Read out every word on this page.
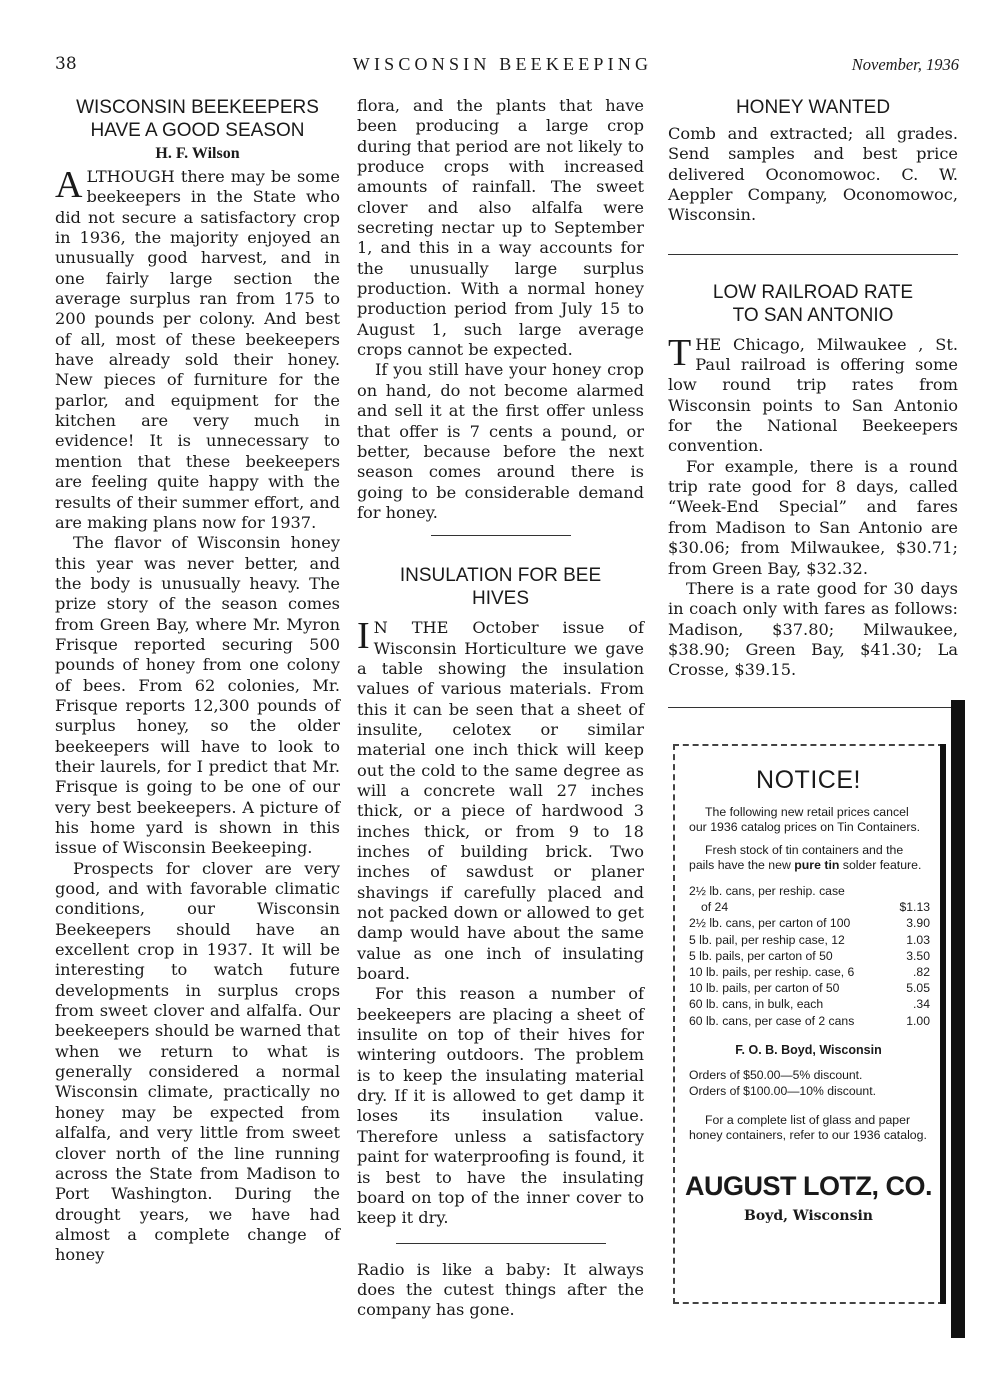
38	WISCONSIN BEEKEEPING	November, 1936
WISCONSIN BEEKEEPERS
HAVE A GOOD SEASON
H. F. Wilson

ALTHOUGH there may be some beekeepers in the State who did not secure a satisfactory crop in 1936, the majority enjoyed an unusually good harvest, and in one fairly large section the average surplus ran from 175 to 200 pounds per colony. And best of all, most of these beekeepers have already sold their honey. New pieces of furniture for the parlor, and equipment for the kitchen are very much in evidence! It is unnecessary to mention that these beekeepers are feeling quite happy with the results of their summer effort, and are making plans now for 1937.

The flavor of Wisconsin honey this year was never better, and the body is unusually heavy. The prize story of the season comes from Green Bay, where Mr. Myron Frisque reported securing 500 pounds of honey from one colony of bees. From 62 colonies, Mr. Frisque reports 12,300 pounds of surplus honey, so the older beekeepers will have to look to their laurels, for I predict that Mr. Frisque is going to be one of our very best beekeepers. A picture of his home yard is shown in this issue of Wisconsin Beekeeping.

Prospects for clover are very good, and with favorable climatic conditions, our Wisconsin Beekeepers should have an excellent crop in 1937. It will be interesting to watch future developments in surplus crops from sweet clover and alfalfa. Our beekeepers should be warned that when we return to what is generally considered a normal Wisconsin climate, practically no honey may be expected from alfalfa, and very little from sweet clover north of the line running across the State from Madison to Port Washington. During the drought years, we have had almost a complete change of honey

flora, and the plants that have been producing a large crop during that period are not likely to produce crops with increased amounts of rainfall. The sweet clover and also alfalfa were secreting nectar up to September 1, and this in a way accounts for the unusually large surplus production. With a normal honey production period from July 15 to August 1, such large average crops cannot be expected.

If you still have your honey crop on hand, do not become alarmed and sell it at the first offer unless that offer is 7 cents a pound, or better, because before the next season comes around there is going to be considerable demand for honey.

INSULATION FOR BEE
HIVES

I N THE October issue of Wisconsin Horticulture we gave a table showing the insulation values of various materials. From this it can be seen that a sheet of insulite, celotex or similar material one inch thick will keep out the cold to the same degree as will a concrete wall 27 inches thick, or a piece of hardwood 3 inches thick, or from 9 to 18 inches of building brick. Two inches of sawdust or planer shavings if carefully placed and not packed down or allowed to get damp would have about the same value as one inch of insulating board.

For this reason a number of beekeepers are placing a sheet of insulite on top of their hives for wintering outdoors. The problem is to keep the insulating material dry. If it is allowed to get damp it loses its insulation value. Therefore unless a satisfactory paint for waterproofing is found, it is best to have the insulating board on top of the inner cover to keep it dry.

Radio is like a baby: It always does the cutest things after the company has gone.

HONEY WANTED

Comb and extracted; all grades. Send samples and best price delivered Oconomowoc. C. W. Aeppler Company, Oconomowoc, Wisconsin.

LOW RAILROAD RATE
TO SAN ANTONIO

THE Chicago, Milwaukee , St. Paul railroad is offering some low round trip rates from Wisconsin points to San Antonio for the National Beekeepers convention.

For example, there is a round trip rate good for 8 days, called “Week-End Special” and fares from Madison to San Antonio are $30.06; from Milwaukee, $30.71; from Green Bay, $32.32.

There is a rate good for 30 days in coach only with fares as follows: Madison, $37.80; Milwaukee, $38.90; Green Bay, $41.30; La Crosse, $39.15.

NOTICE!

The following new retail prices cancel our 1936 catalog prices on Tin Containers.

Fresh stock of tin containers and the pails have the new pure tin solder feature.

2½ lb. cans, per reship. case
of 24	$1.13
2½ lb. cans, per carton of 100	3.90
5 lb. pail, per reship case, 12	1.03
5 lb. pails, per carton of 50	3.50
10 lb. pails, per reship. case, 6	.82
10 lb. pails, per carton of 50	5.05
60 lb. cans, in bulk, each	.34
60 lb. cans, per case of 2 cans	1.00
F. O. B. Boyd, Wisconsin
Orders of $50.00—5% discount.
Orders of $100.00—10% discount.

For a complete list of glass and paper honey containers, refer to our 1936 catalog.

AUGUST LOTZ, CO.
Boyd, Wisconsin
